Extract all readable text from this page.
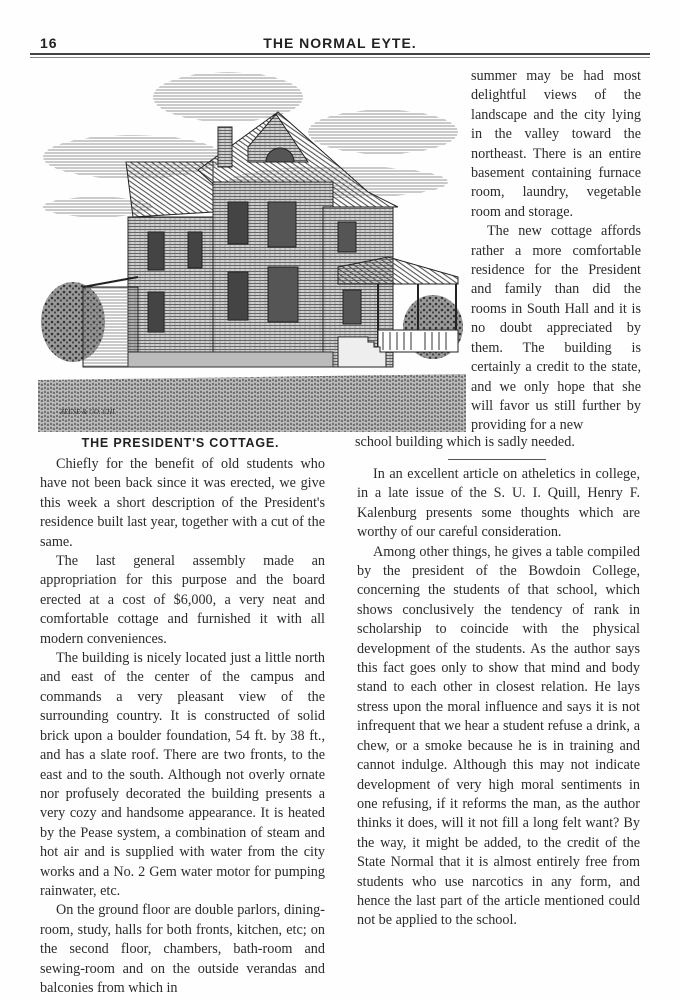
16	THE NORMAL EYTE.
ZEESE & CO. CHI.

summer may be had most delightful views of the landscape and the city lying in the valley toward the northeast. There is an entire basement containing furnace room, laundry, vegetable room and storage.

The new cottage affords rather a more comfortable residence for the President and family than did the rooms in South Hall and it is no doubt appreciated by them. The building is certainly a credit to the state, and we only hope that she will favor us still further by providing for a new

THE PRESIDENT'S COTTAGE.	school building which is sadly needed.

Chiefly for the benefit of old students who have not been back since it was erected, we give this week a short description of the President's residence built last year, together with a cut of the same.

The last general assembly made an appropriation for this purpose and the board erected at a cost of $6,000, a very neat and comfortable cottage and furnished it with all modern conveniences.

The building is nicely located just a little north and east of the center of the campus and commands a very pleasant view of the surrounding country. It is constructed of solid brick upon a boulder foundation, 54 ft. by 38 ft., and has a slate roof. There are two fronts, to the east and to the south. Although not overly ornate nor profusely decorated the building presents a very cozy and handsome appearance. It is heated by the Pease system, a combination of steam and hot air and is supplied with water from the city works and a No. 2 Gem water motor for pumping rainwater, etc.

On the ground floor are double parlors, dining-room, study, halls for both fronts, kitchen, etc; on the second floor, chambers, bath-room and sewing-room and on the outside verandas and balconies from which in

In an excellent article on atheletics in college, in a late issue of the S. U. I. Quill, Henry F. Kalenburg presents some thoughts which are worthy of our careful consideration.

Among other things, he gives a table compiled by the president of the Bowdoin College, concerning the students of that school, which shows conclusively the tendency of rank in scholarship to coincide with the physical development of the students. As the author says this fact goes only to show that mind and body stand to each other in closest relation. He lays stress upon the moral influence and says it is not infrequent that we hear a student refuse a drink, a chew, or a smoke because he is in training and cannot indulge. Although this may not indicate development of very high moral sentiments in one refusing, if it reforms the man, as the author thinks it does, will it not fill a long felt want? By the way, it might be added, to the credit of the State Normal that it is almost entirely free from students who use narcotics in any form, and hence the last part of the article mentioned could not be applied to the school.
